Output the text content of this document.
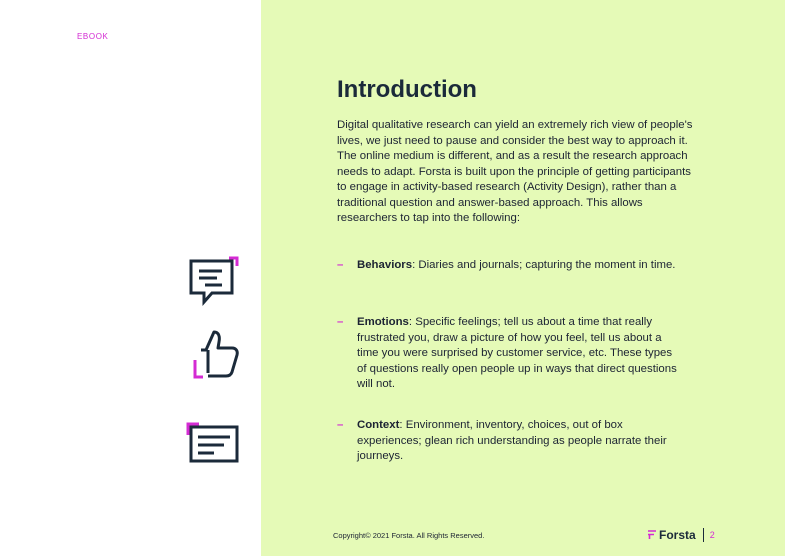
EBOOK
Introduction

Digital qualitative research can yield an extremely rich view of people's lives, we just need to pause and consider the best way to approach it. The online medium is different, and as a result the research approach needs to adapt. Forsta is built upon the principle of getting participants to engage in activity-based research (Activity Design), rather than a traditional question and answer-based approach. This allows researchers to tap into the following:

– Behaviors: Diaries and journals; capturing the moment in time.
– Emotions: Specific feelings; tell us about a time that really frustrated you, draw a picture of how you feel, tell us about a time you were surprised by customer service, etc. These types of questions really open people up in ways that direct questions will not.
– Context: Environment, inventory, choices, out of box experiences; glean rich understanding as people narrate their journeys.
Copyright© 2021 Forsta. All Rights Reserved.	Forsta 2
